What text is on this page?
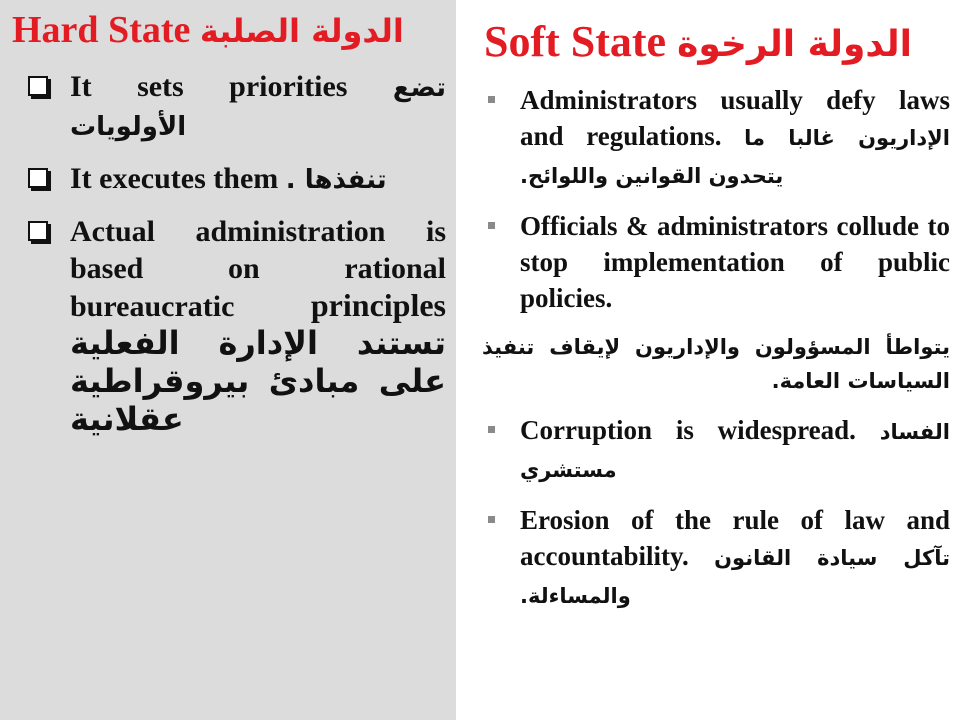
Hard State الدولة الصلبة
It sets priorities تضع الأولويات
It executes them تنفذها .
Actual administration is based on rational bureaucratic principles تستند الإدارة الفعلية على مبادئ بيروقراطية عقلانية
Soft State الدولة الرخوة
Administrators usually defy laws and regulations. الإداريون غالبا ما يتحدون القوانين واللوائح.
Officials & administrators collude to stop implementation of public policies.

يتواطأ المسؤولون والإداريون لإيقاف تنفيذ السياسات العامة.

Corruption is widespread. الفساد مستشري
Erosion of the rule of law and accountability. تآكل سيادة القانون والمساءلة.
